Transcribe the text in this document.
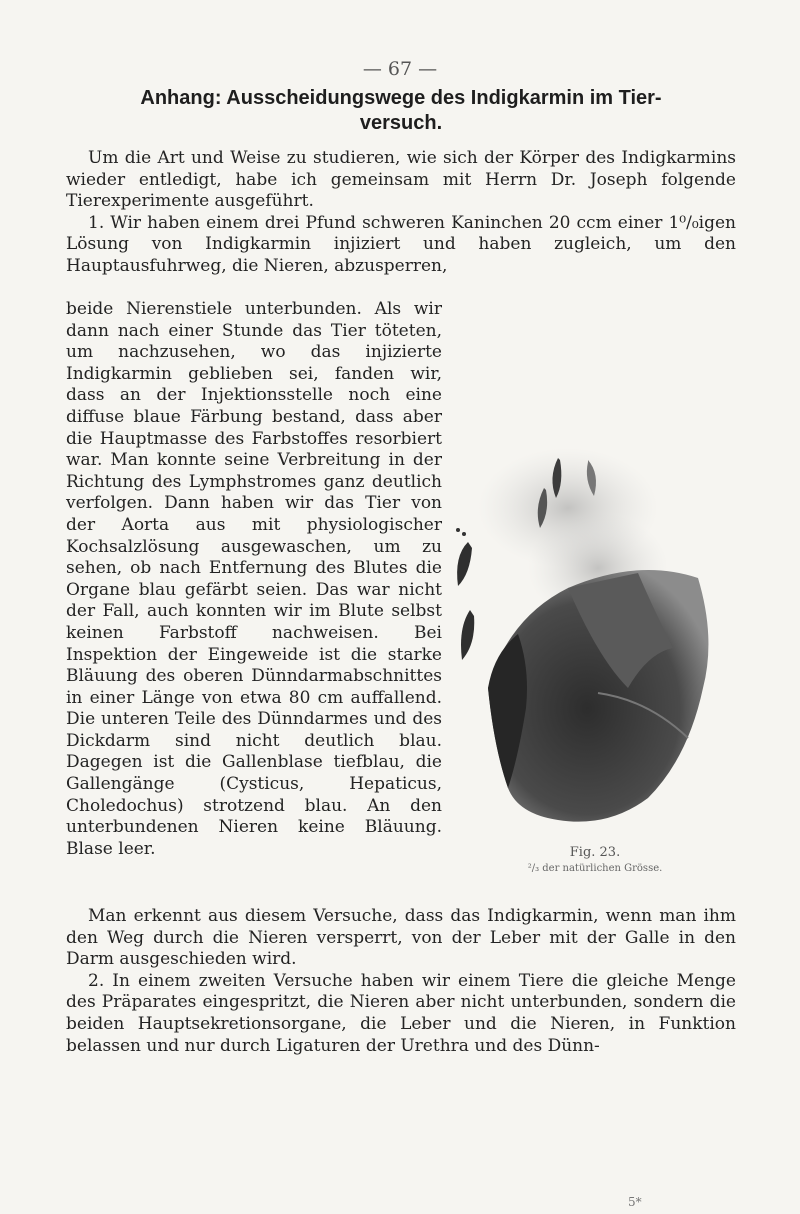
— 67 —
Anhang: Ausscheidungswege des Indigkarmin im Tier-
versuch.

Um die Art und Weise zu studieren, wie sich der Körper des Indigkarmins wieder entledigt, habe ich gemeinsam mit Herrn Dr. Joseph folgende Tierexperimente ausgeführt.

1. Wir haben einem drei Pfund schweren Kaninchen 20 ccm einer 1⁰/₀igen Lösung von Indigkarmin injiziert und haben zugleich, um den Hauptausfuhrweg, die Nieren, abzusperren,

beide Nierenstiele unterbunden. Als wir dann nach einer Stunde das Tier töteten, um nachzusehen, wo das injizierte Indigkarmin geblieben sei, fanden wir, dass an der Injektionsstelle noch eine diffuse blaue Färbung bestand, dass aber die Hauptmasse des Farbstoffes resorbiert war. Man konnte seine Verbreitung in der Richtung des Lymphstromes ganz deutlich verfolgen. Dann haben wir das Tier von der Aorta aus mit physiologischer Kochsalzlösung ausgewaschen, um zu sehen, ob nach Entfernung des Blutes die Organe blau gefärbt seien. Das war nicht der Fall, auch konnten wir im Blute selbst keinen Farbstoff nachweisen. Bei Inspektion der Eingeweide ist die starke Bläuung des oberen Dünndarmabschnittes in einer Länge von etwa 80 cm auffallend. Die unteren Teile des Dünndarmes und des Dickdarm sind nicht deutlich blau. Dagegen ist die Gallenblase tiefblau, die Gallengänge (Cysticus, Hepaticus, Choledochus) strotzend blau. An den unterbundenen Nieren keine Bläuung. Blase leer.	Fig. 23.
²/₃ der natürlichen Grösse.

Man erkennt aus diesem Versuche, dass das Indigkarmin, wenn man ihm den Weg durch die Nieren versperrt, von der Leber mit der Galle in den Darm ausgeschieden wird.

2. In einem zweiten Versuche haben wir einem Tiere die gleiche Menge des Präparates eingespritzt, die Nieren aber nicht unterbunden, sondern die beiden Hauptsekretionsorgane, die Leber und die Nieren, in Funktion belassen und nur durch Ligaturen der Urethra und des Dünn-

5*
